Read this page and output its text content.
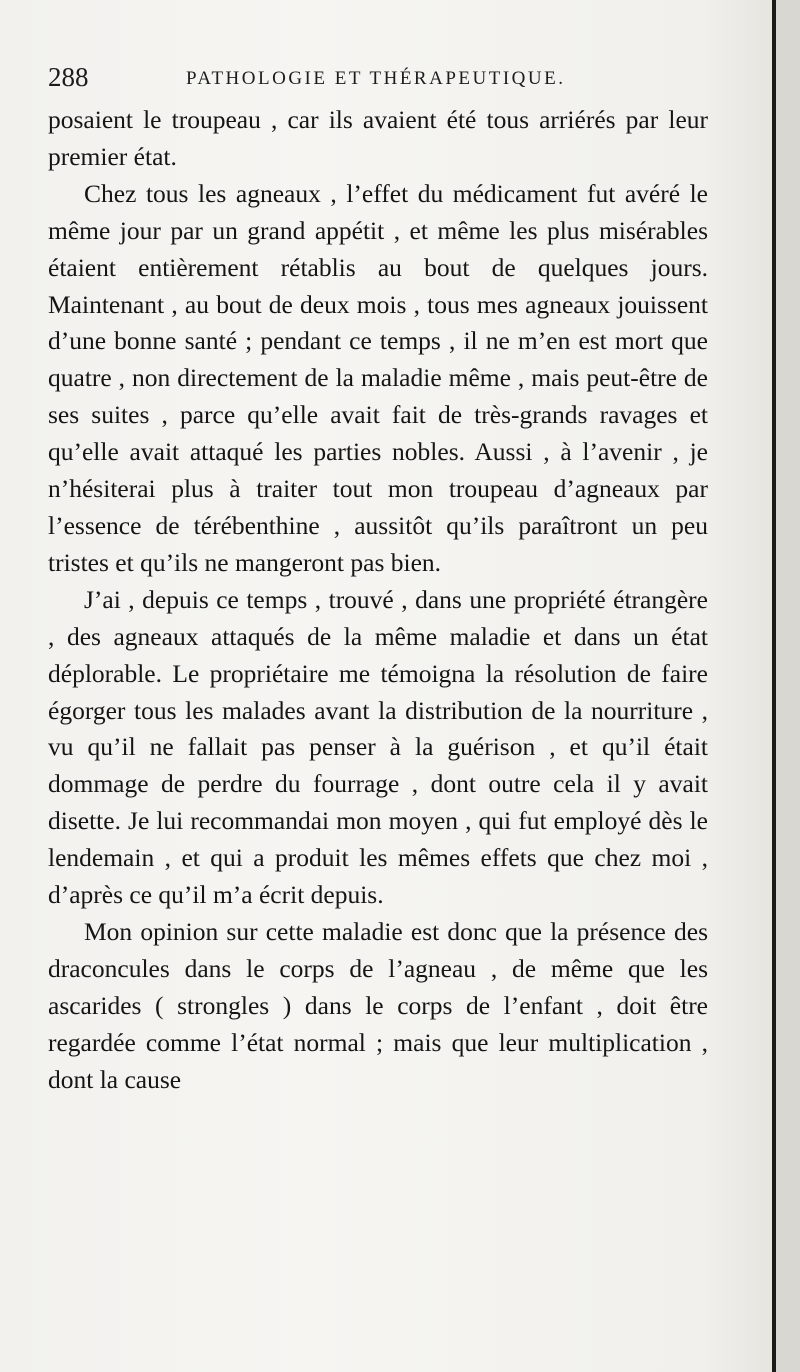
288	PATHOLOGIE ET THÉRAPEUTIQUE.

posaient le troupeau , car ils avaient été tous arriérés par leur premier état.

Chez tous les agneaux , l’effet du médicament fut avéré le même jour par un grand appétit , et même les plus misérables étaient entièrement rétablis au bout de quelques jours. Maintenant , au bout de deux mois , tous mes agneaux jouissent d’une bonne santé ; pendant ce temps , il ne m’en est mort que quatre , non directement de la maladie même , mais peut-être de ses suites , parce qu’elle avait fait de très-grands ravages et qu’elle avait attaqué les parties nobles. Aussi , à l’avenir , je n’hésiterai plus à traiter tout mon troupeau d’agneaux par l’essence de térébenthine , aussitôt qu’ils paraîtront un peu tristes et qu’ils ne mangeront pas bien.

J’ai , depuis ce temps , trouvé , dans une propriété étrangère , des agneaux attaqués de la même maladie et dans un état déplorable. Le propriétaire me témoigna la résolution de faire égorger tous les malades avant la distribution de la nourriture , vu qu’il ne fallait pas penser à la guérison , et qu’il était dommage de perdre du fourrage , dont outre cela il y avait disette. Je lui recommandai mon moyen , qui fut employé dès le lendemain , et qui a produit les mêmes effets que chez moi , d’après ce qu’il m’a écrit depuis.

Mon opinion sur cette maladie est donc que la présence des draconcules dans le corps de l’agneau , de même que les ascarides ( strongles ) dans le corps de l’enfant , doit être regardée comme l’état normal ; mais que leur multiplication , dont la cause
